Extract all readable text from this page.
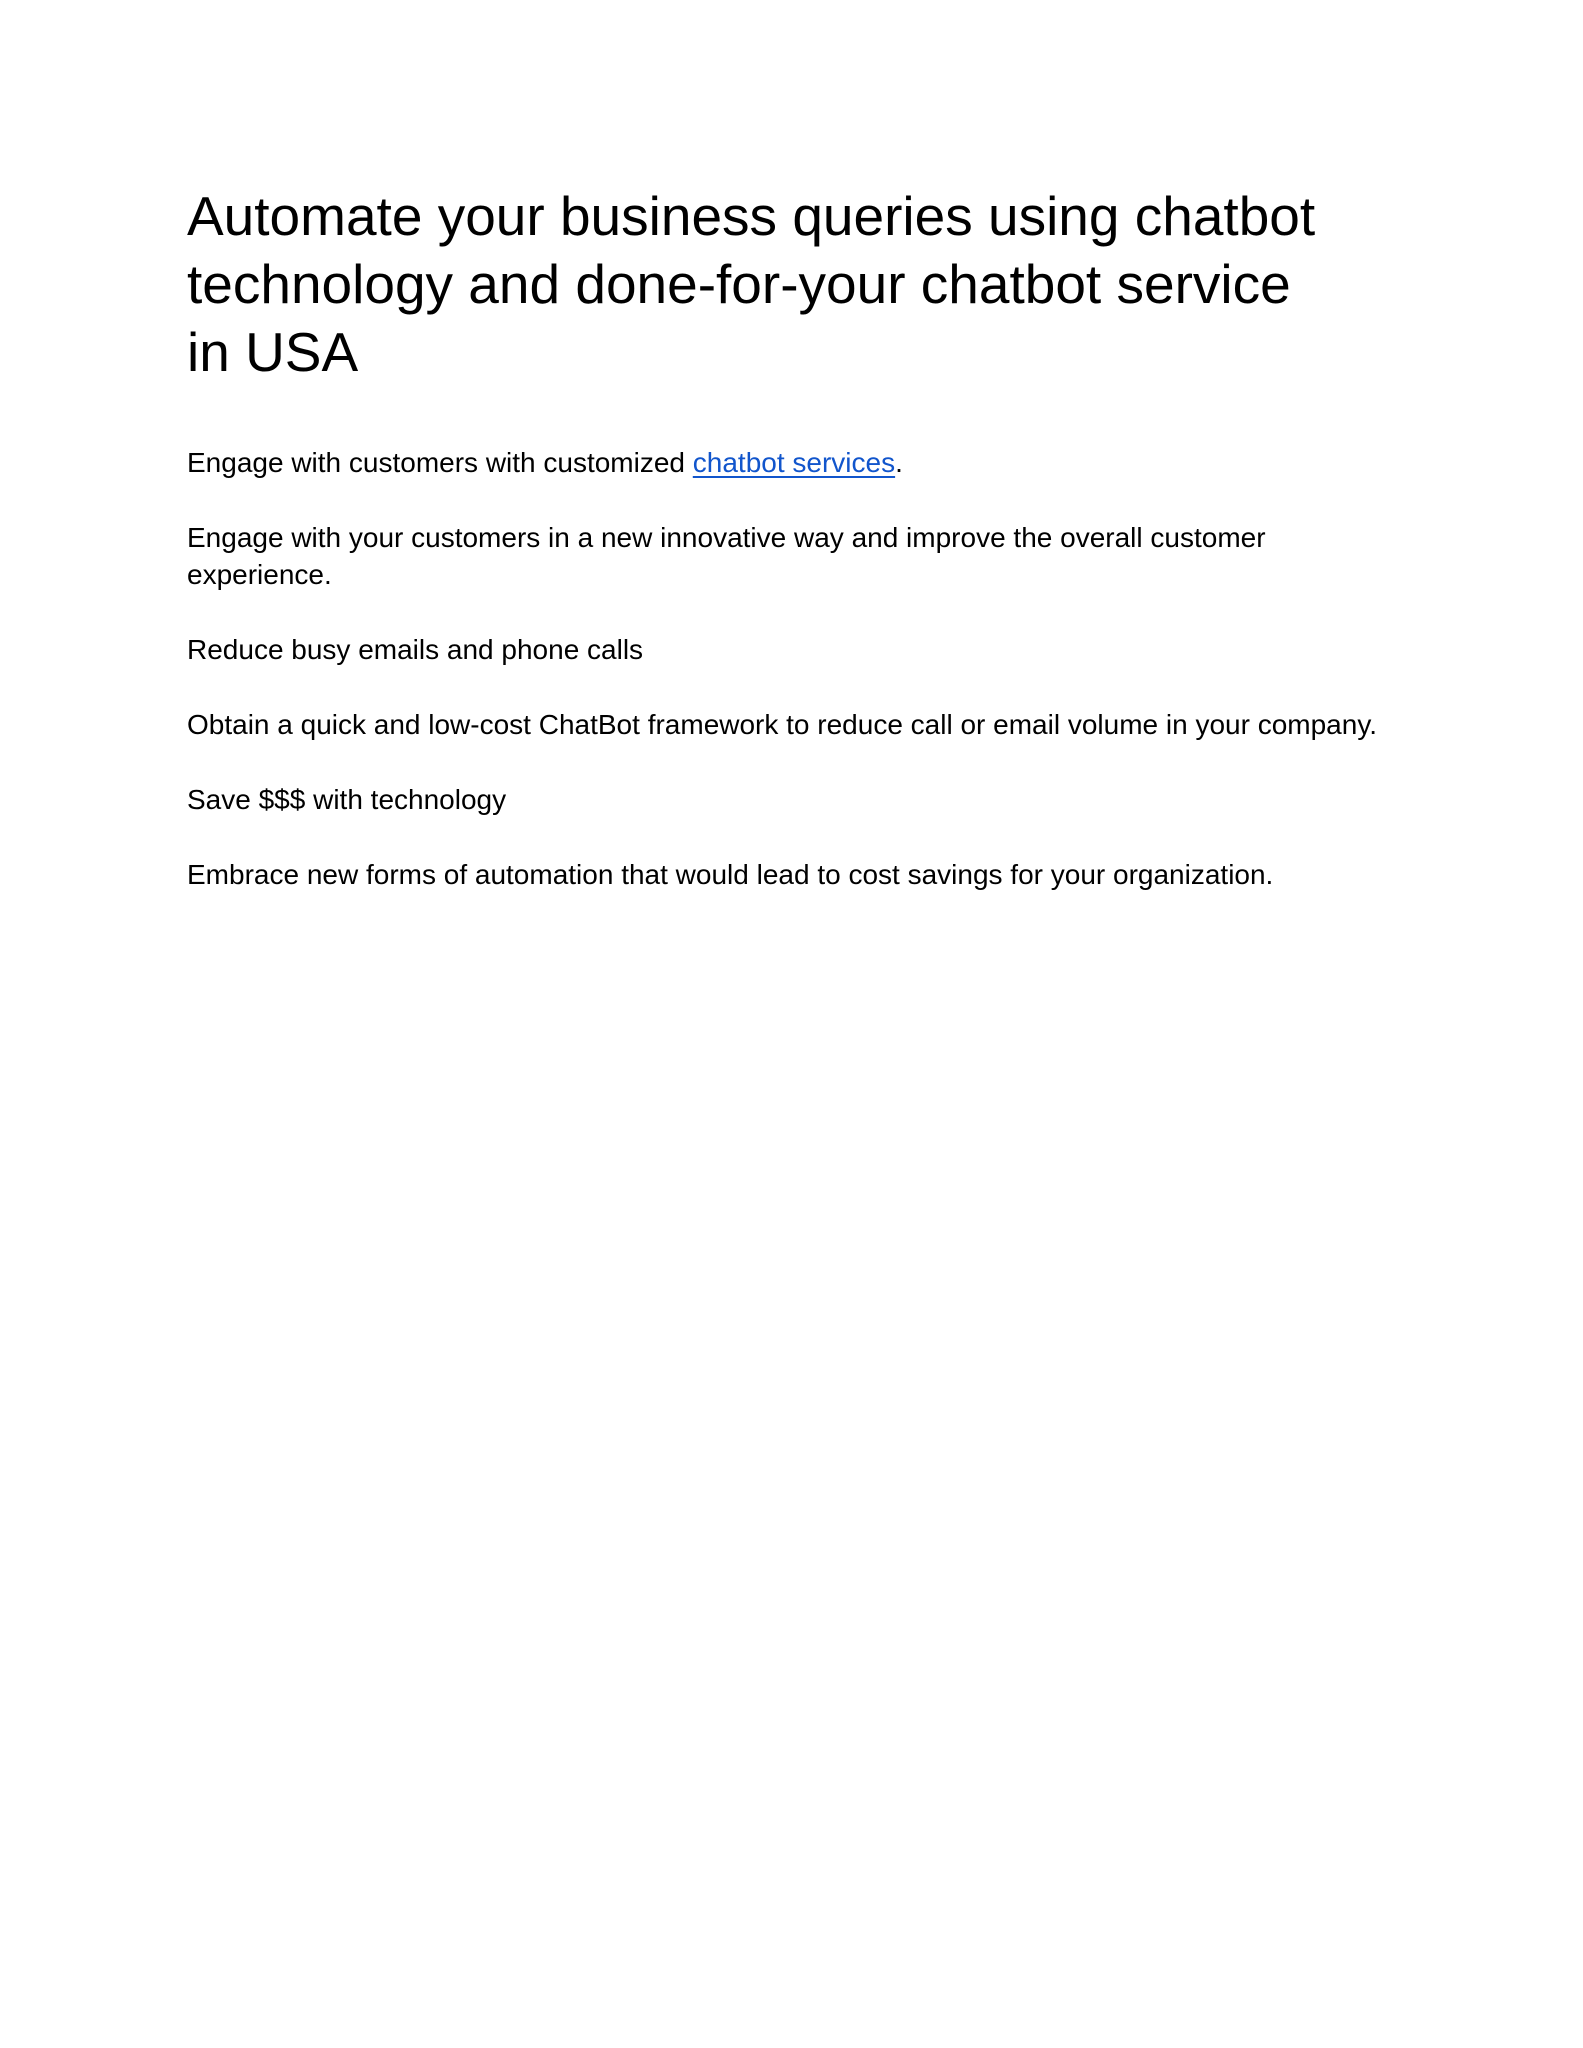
Automate your business queries using chatbot technology and done-for-your chatbot service in USA

Engage with customers with customized chatbot services.

Engage with your customers in a new innovative way and improve the overall customer experience.

Reduce busy emails and phone calls

Obtain a quick and low-cost ChatBot framework to reduce call or email volume in your company.

Save $$$ with technology

Embrace new forms of automation that would lead to cost savings for your organization.
